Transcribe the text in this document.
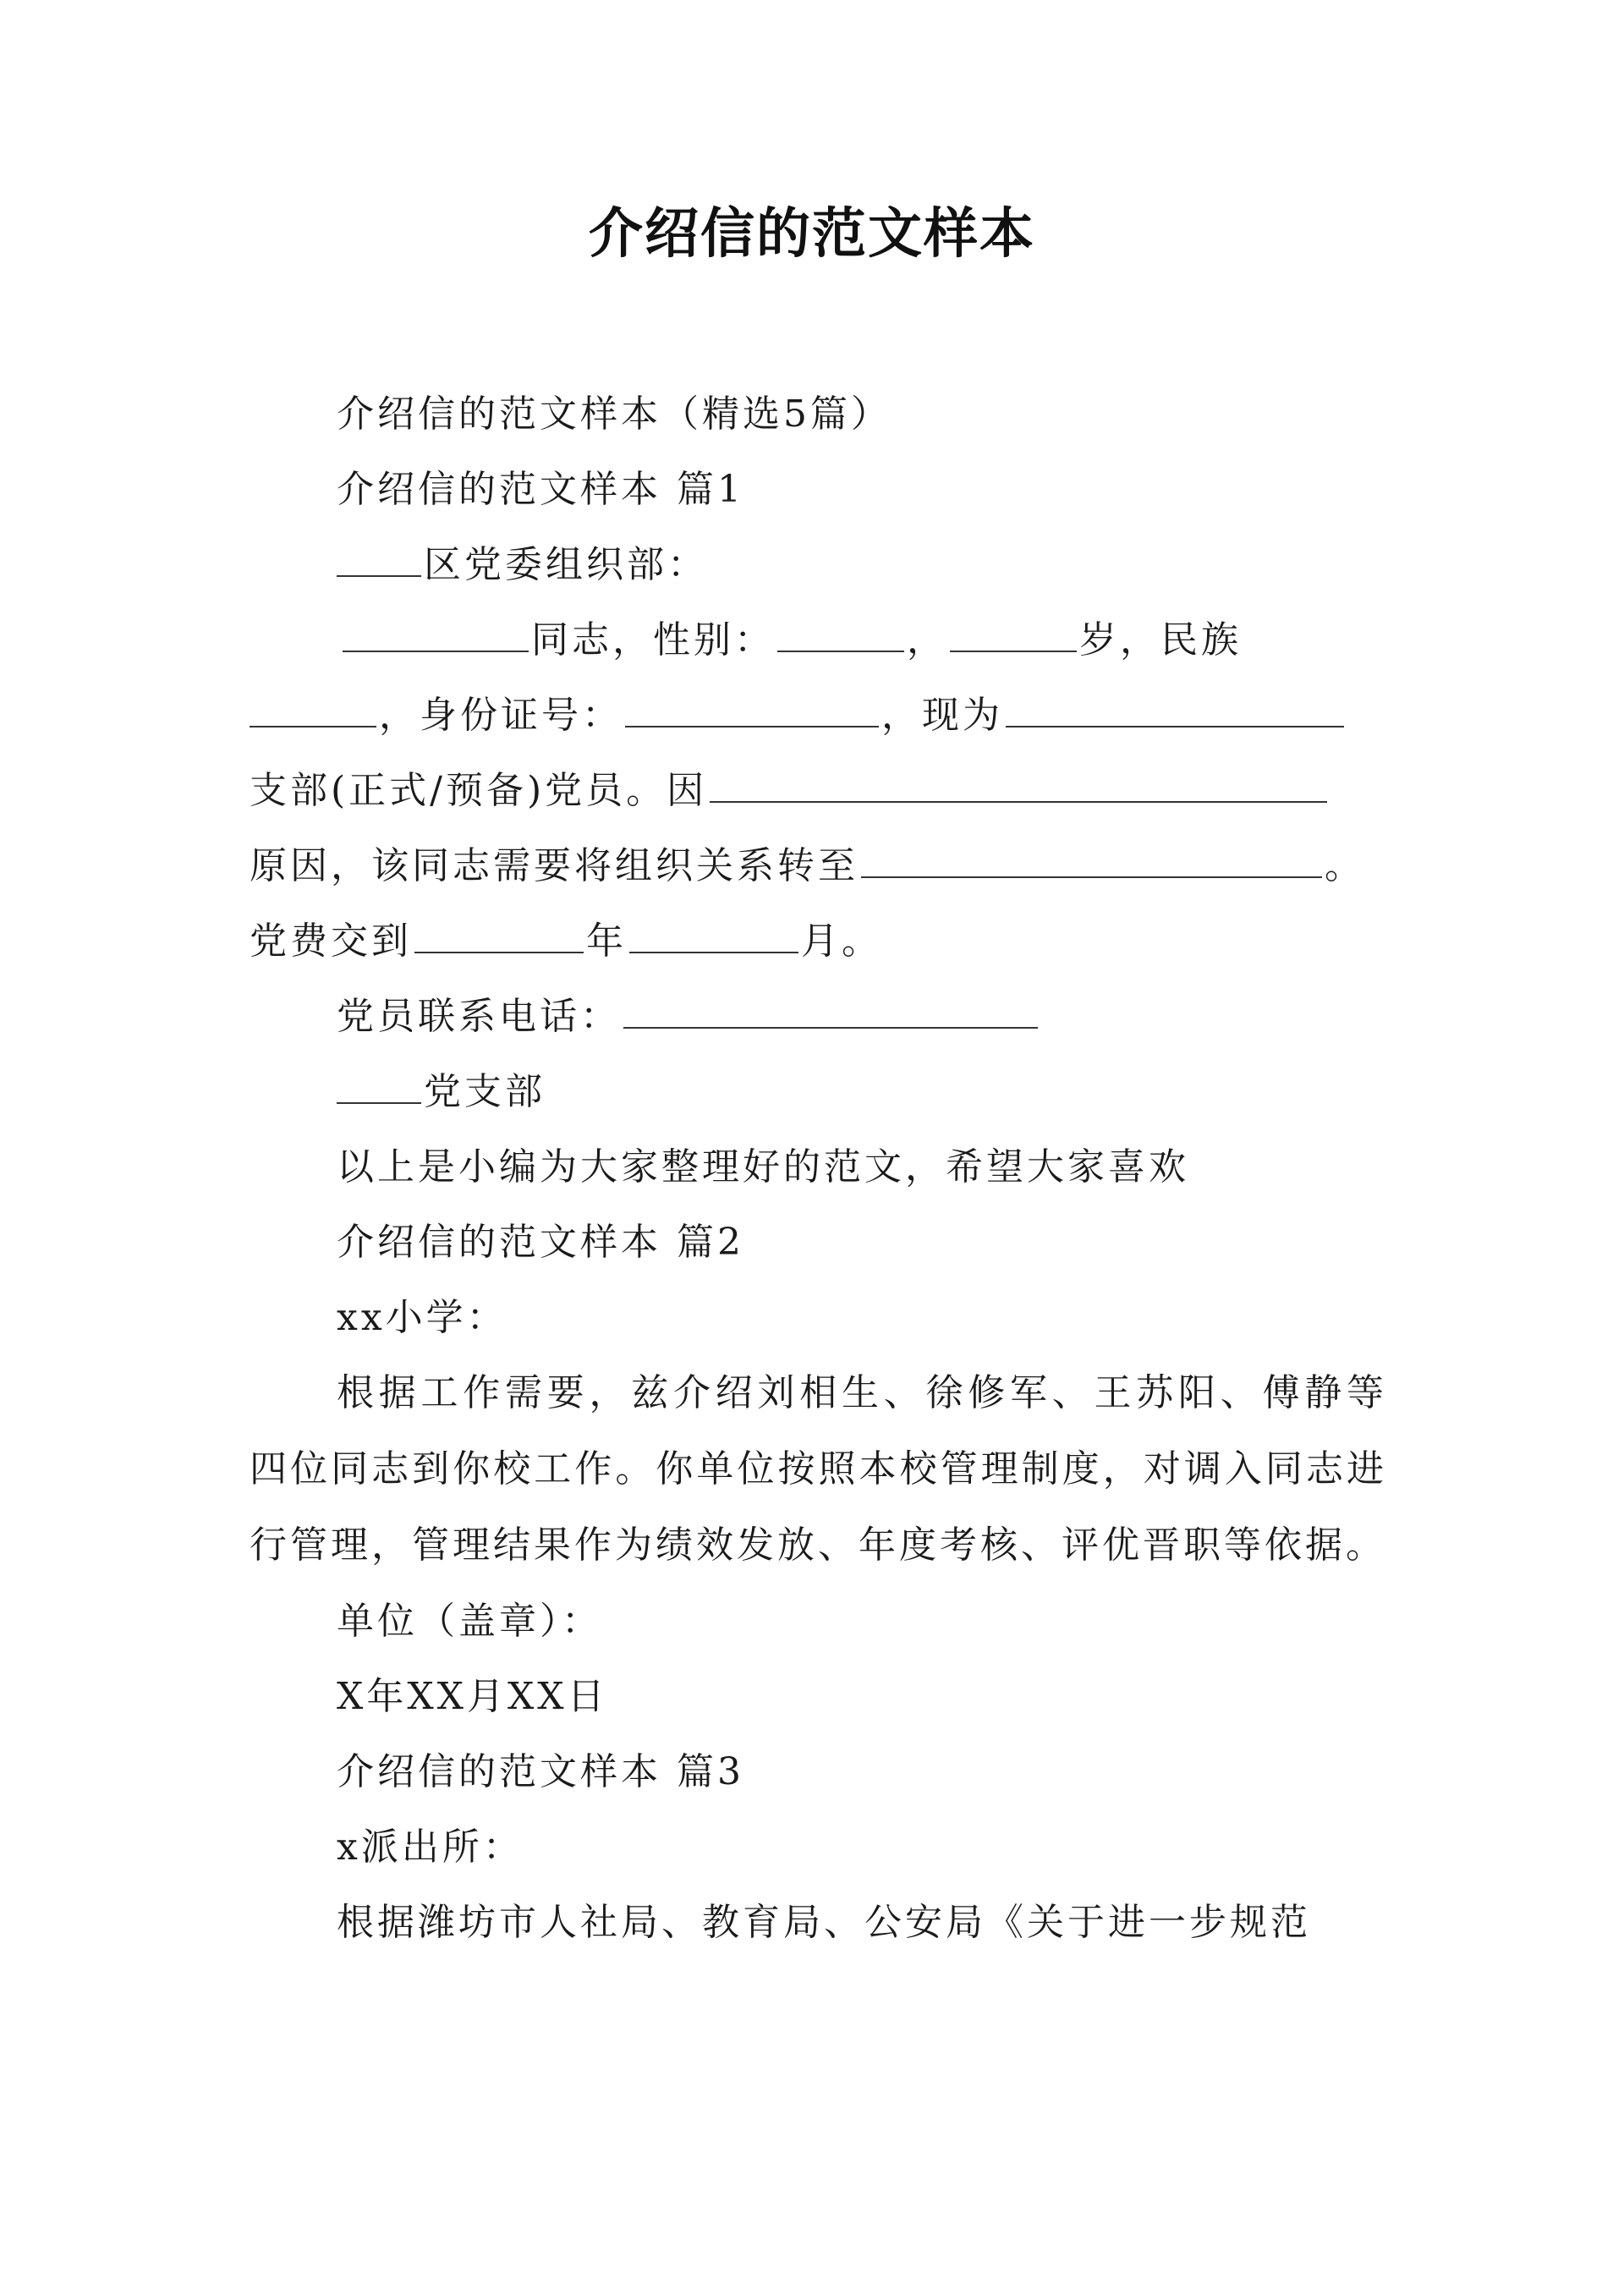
介绍信的范文样本

介绍信的范文样本（精选5篇）

介绍信的范文样本 篇1

区党委组织部：

同志，性别：	，	岁，民族

，身份证号：	，现为

支部(正式/预备)党员。因

原因，该同志需要将组织关系转至	。

党费交到	年	月。

党员联系电话：

党支部

以上是小编为大家整理好的范文，希望大家喜欢

介绍信的范文样本 篇2

xx小学：

根据工作需要，兹介绍刘相生、徐修军、王苏阳、傅静等四位同志到你校工作。你单位按照本校管理制度，对调入同志进行管理，管理结果作为绩效发放、年度考核、评优晋职等依据。

单位（盖章）：

X年XX月XX日

介绍信的范文样本 篇3

x派出所：

根据潍坊市人社局、教育局、公安局《关于进一步规范
